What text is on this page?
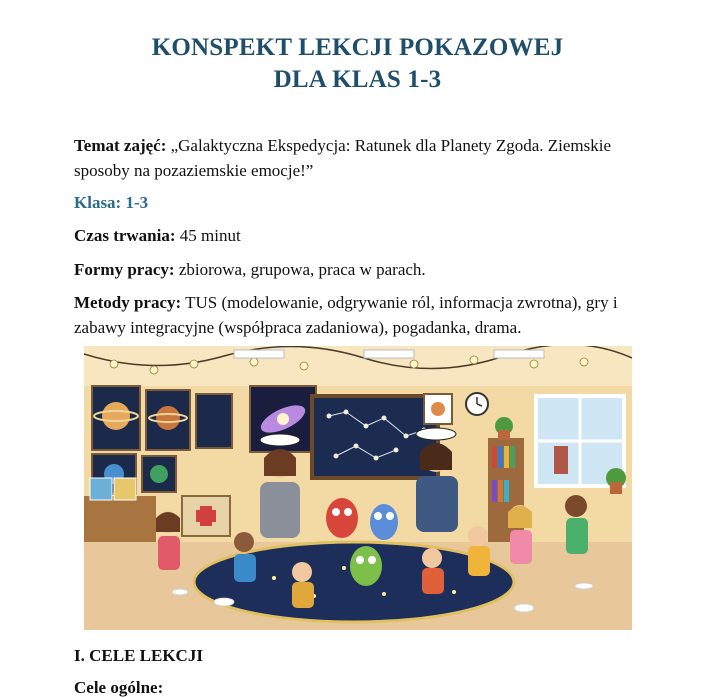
KONSPEKT LEKCJI POKAZOWEJ
DLA KLAS 1-3
Temat zajęć: „Galaktyczna Ekspedycja: Ratunek dla Planety Zgoda. Ziemskie sposoby na pozaziemskie emocje!”
Klasa: 1-3
Czas trwania: 45 minut
Formy pracy: zbiorowa, grupowa, praca w parach.
Metody pracy: TUS (modelowanie, odgrywanie ról, informacja zwrotna), gry i zabawy integracyjne (współpraca zadaniowa), pogadanka, drama.
I. CELE LEKCJI
Cele ogólne:
